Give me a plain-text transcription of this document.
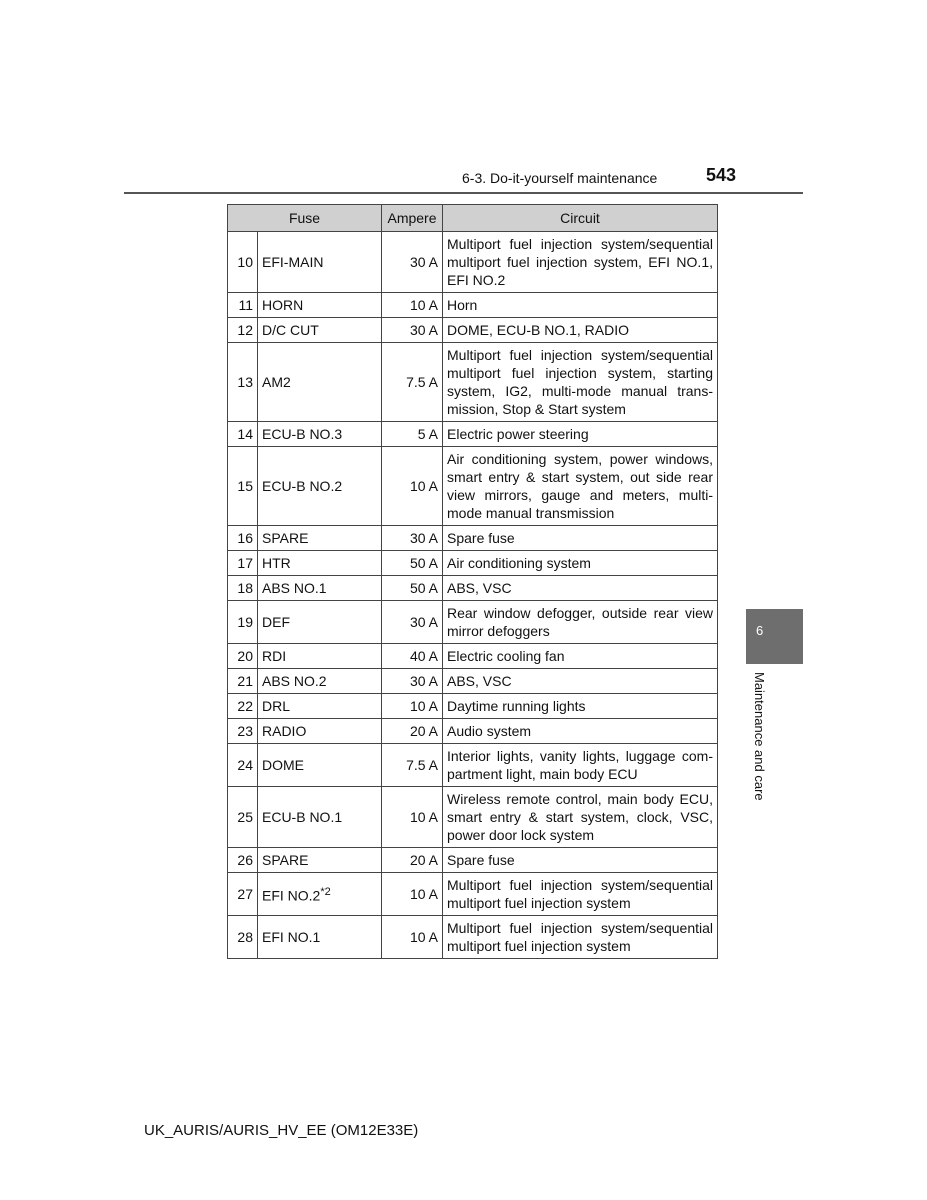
6-3. Do-it-yourself maintenance	543
Fuse		Ampere	Circuit
10	EFI-MAIN	30 A	Multiport fuel injection system/sequential multiport fuel injection system, EFI NO.1, EFI NO.2
11	HORN	10 A	Horn
12	D/C CUT	30 A	DOME, ECU-B NO.1, RADIO
13	AM2	7.5 A	Multiport fuel injection system/sequential multiport fuel injection system, starting system, IG2, multi-mode manual transmission, Stop & Start system
14	ECU-B NO.3	5 A	Electric power steering
15	ECU-B NO.2	10 A	Air conditioning system, power windows, smart entry & start system, out side rear view mirrors, gauge and meters, multi-mode manual transmission
16	SPARE	30 A	Spare fuse
17	HTR	50 A	Air conditioning system
18	ABS NO.1	50 A	ABS, VSC
19	DEF	30 A	Rear window defogger, outside rear view mirror defoggers
20	RDI	40 A	Electric cooling fan
21	ABS NO.2	30 A	ABS, VSC
22	DRL	10 A	Daytime running lights
23	RADIO	20 A	Audio system
24	DOME	7.5 A	Interior lights, vanity lights, luggage compartment light, main body ECU
25	ECU-B NO.1	10 A	Wireless remote control, main body ECU, smart entry & start system, clock, VSC, power door lock system
26	SPARE	20 A	Spare fuse
27	EFI NO.2$^{*2}$	10 A	Multiport fuel injection system/sequential multiport fuel injection system
28	EFI NO.1	10 A	Multiport fuel injection system/sequential multiport fuel injection system
6
Maintenance and care
UK_AURIS/AURIS_HV_EE (OM12E33E)
